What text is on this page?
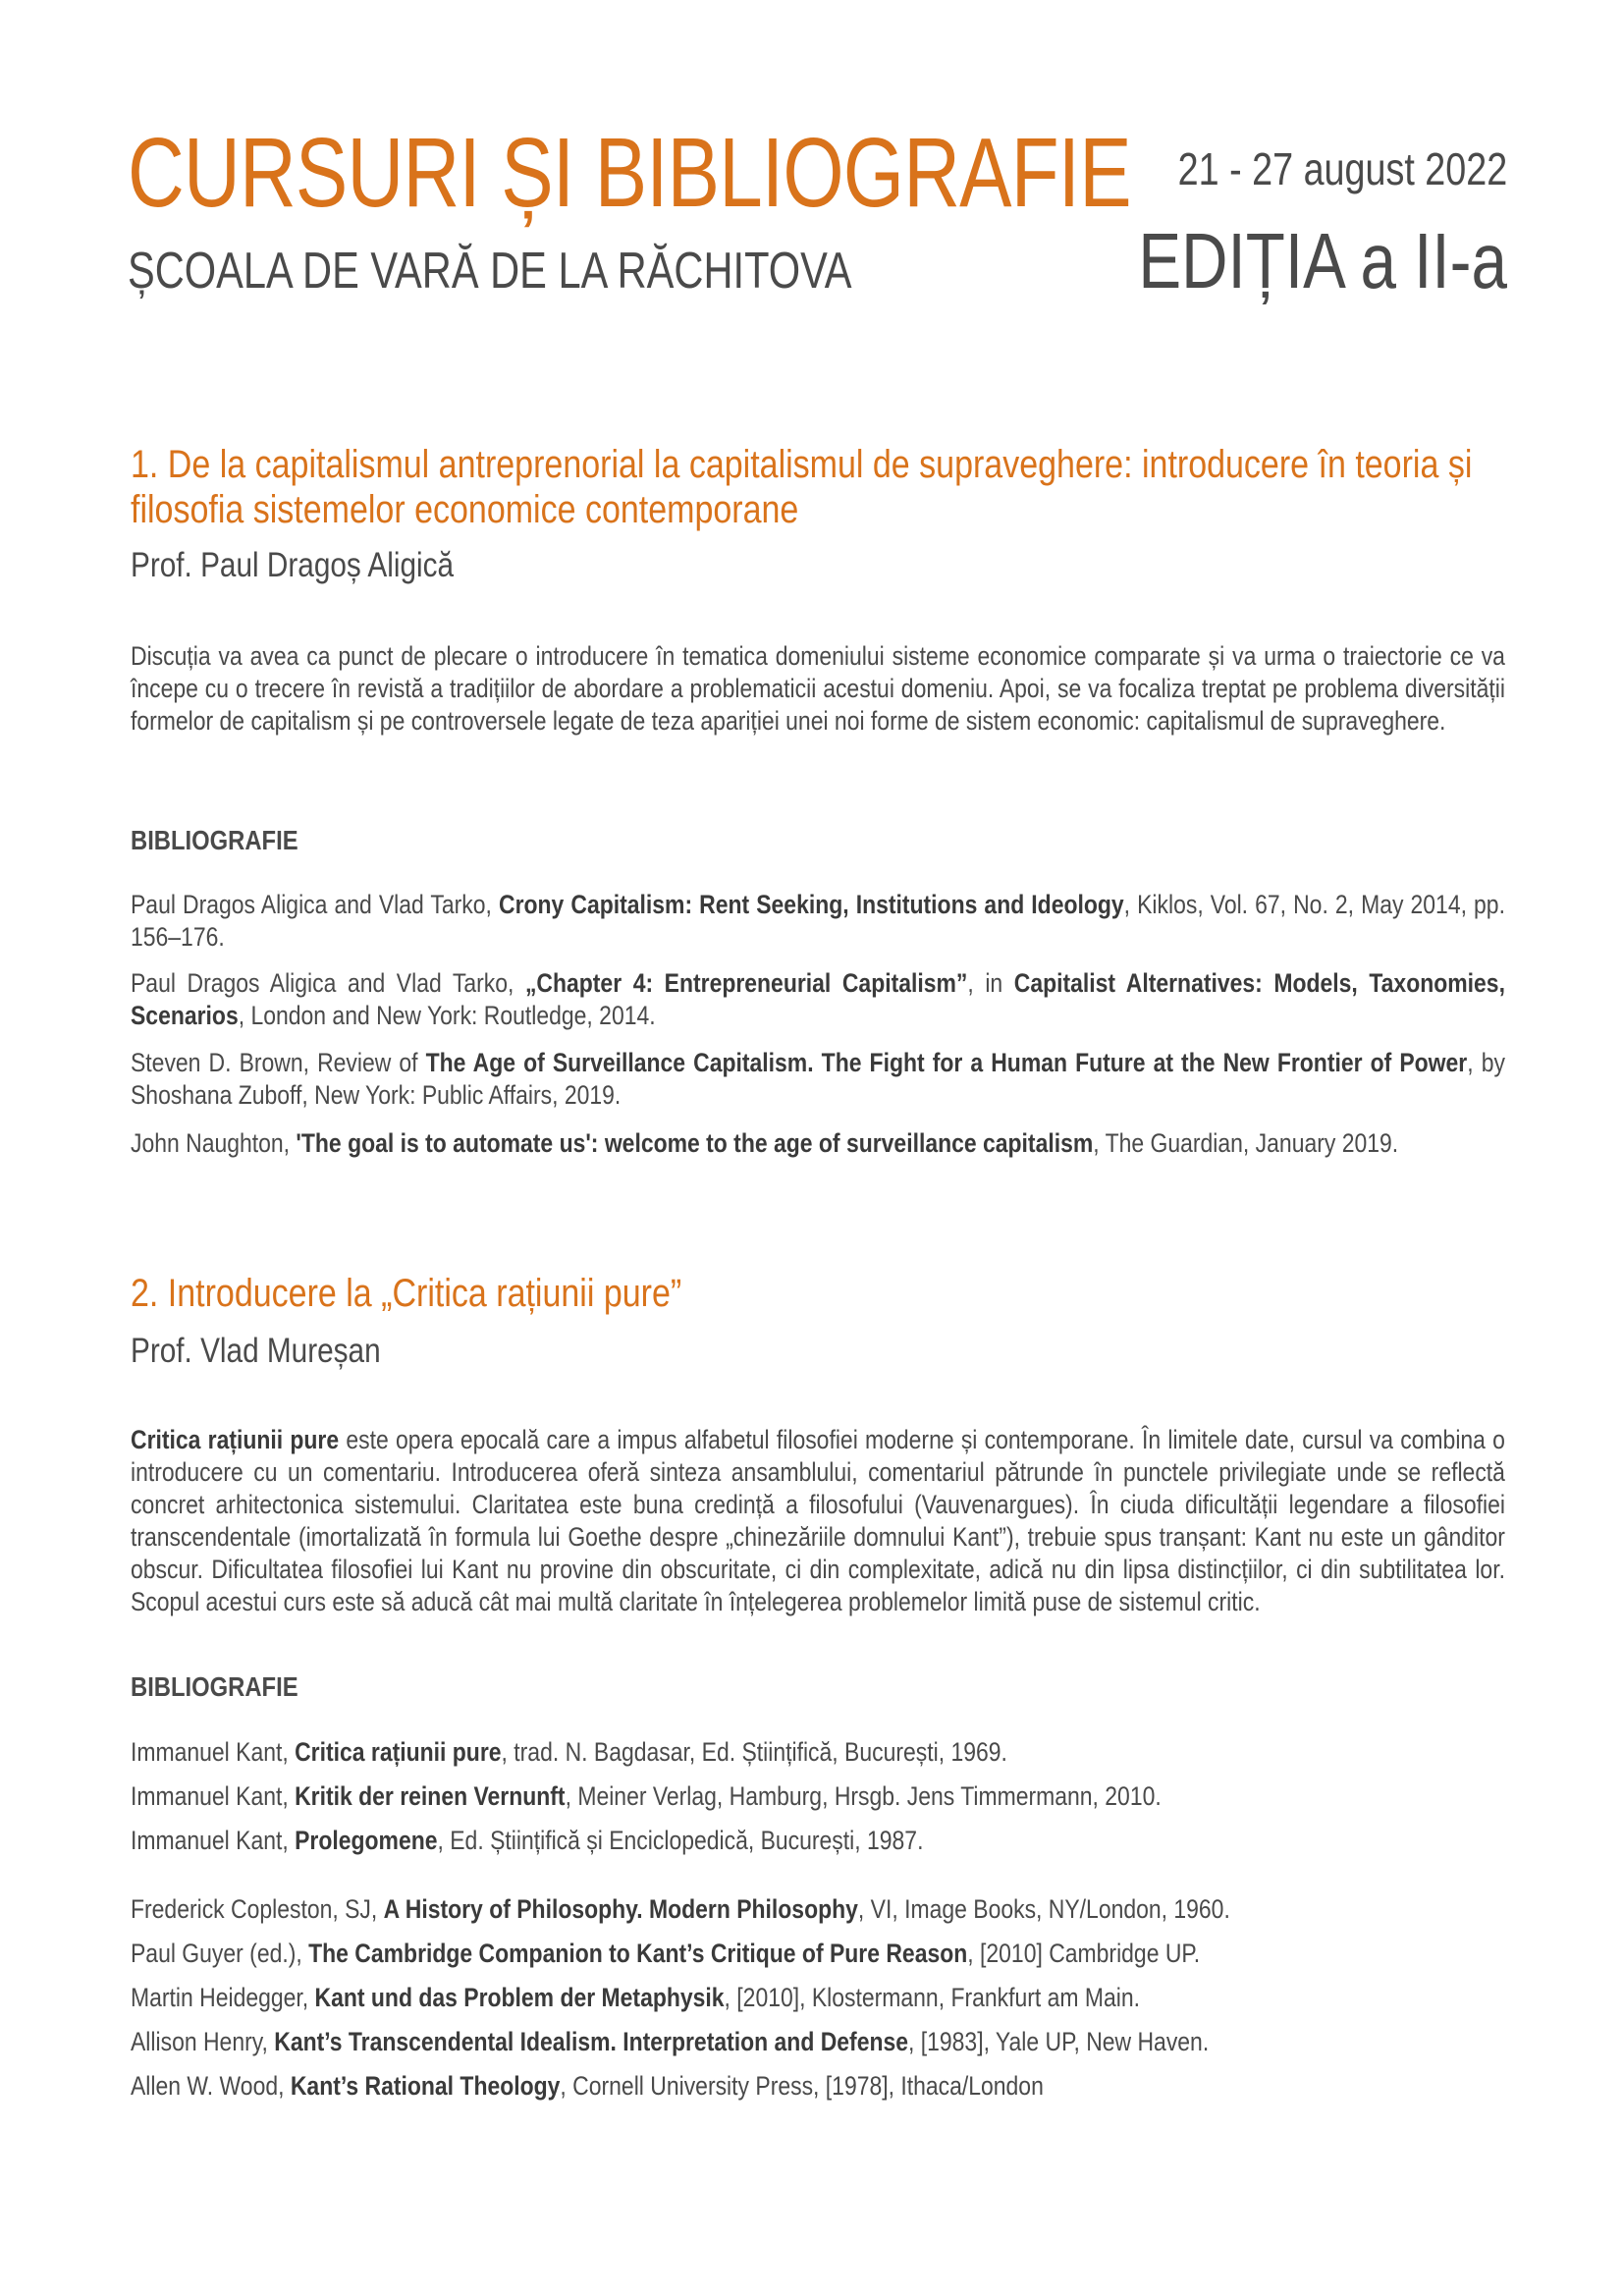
CURSURI ȘI BIBLIOGRAFIE
ȘCOALA DE VARĂ DE LA RĂCHITOVA
21 - 27 august 2022
EDIȚIA a II-a
1. De la capitalismul antreprenorial la capitalismul de supraveghere: introducere în teoria și filosofia sistemelor economice contemporane
Prof. Paul Dragoș Aligică
Discuția va avea ca punct de plecare o introducere în tematica domeniului sisteme economice comparate și va urma o traiectorie ce va începe cu o trecere în revistă a tradițiilor de abordare a problematicii acestui domeniu. Apoi, se va focaliza treptat pe problema diversității formelor de capitalism și pe controversele legate de teza apariției unei noi forme de sistem economic: capitalismul de supraveghere.
BIBLIOGRAFIE
Paul Dragos Aligica and Vlad Tarko, Crony Capitalism: Rent Seeking, Institutions and Ideology, Kiklos, Vol. 67, No. 2, May 2014, pp. 156–176.
Paul Dragos Aligica and Vlad Tarko, „Chapter 4: Entrepreneurial Capitalism”, in Capitalist Alternatives: Models, Taxonomies, Scenarios, London and New York: Routledge, 2014.
Steven D. Brown, Review of The Age of Surveillance Capitalism. The Fight for a Human Future at the New Frontier of Power, by Shoshana Zuboff, New York: Public Affairs, 2019.
John Naughton, 'The goal is to automate us': welcome to the age of surveillance capitalism, The Guardian, January 2019.
2. Introducere la „Critica rațiunii pure”
Prof. Vlad Mureșan
Critica rațiunii pure este opera epocală care a impus alfabetul filosofiei moderne și contemporane. În limitele date, cursul va combina o introducere cu un comentariu. Introducerea oferă sinteza ansamblului, comentariul pătrunde în punctele privilegiate unde se reflectă concret arhitectonica sistemului. Claritatea este buna credință a filosofului (Vauvenargues). În ciuda dificultății legendare a filosofiei transcendentale (imortalizată în formula lui Goethe despre „chinezăriile domnului Kant”), trebuie spus tranșant: Kant nu este un gânditor obscur. Dificultatea filosofiei lui Kant nu provine din obscuritate, ci din complexitate, adică nu din lipsa distincțiilor, ci din subtilitatea lor. Scopul acestui curs este să aducă cât mai multă claritate în înțelegerea problemelor limită puse de sistemul critic.
BIBLIOGRAFIE
Immanuel Kant, Critica rațiunii pure, trad. N. Bagdasar, Ed. Științifică, București, 1969.
Immanuel Kant, Kritik der reinen Vernunft, Meiner Verlag, Hamburg, Hrsgb. Jens Timmermann, 2010.
Immanuel Kant, Prolegomene, Ed. Științifică și Enciclopedică, București, 1987.
Frederick Copleston, SJ, A History of Philosophy. Modern Philosophy, VI, Image Books, NY/London, 1960.
Paul Guyer (ed.), The Cambridge Companion to Kant’s Critique of Pure Reason, [2010] Cambridge UP.
Martin Heidegger, Kant und das Problem der Metaphysik, [2010], Klostermann, Frankfurt am Main.
Allison Henry, Kant’s Transcendental Idealism. Interpretation and Defense, [1983], Yale UP, New Haven.
Allen W. Wood, Kant’s Rational Theology, Cornell University Press, [1978], Ithaca/London
